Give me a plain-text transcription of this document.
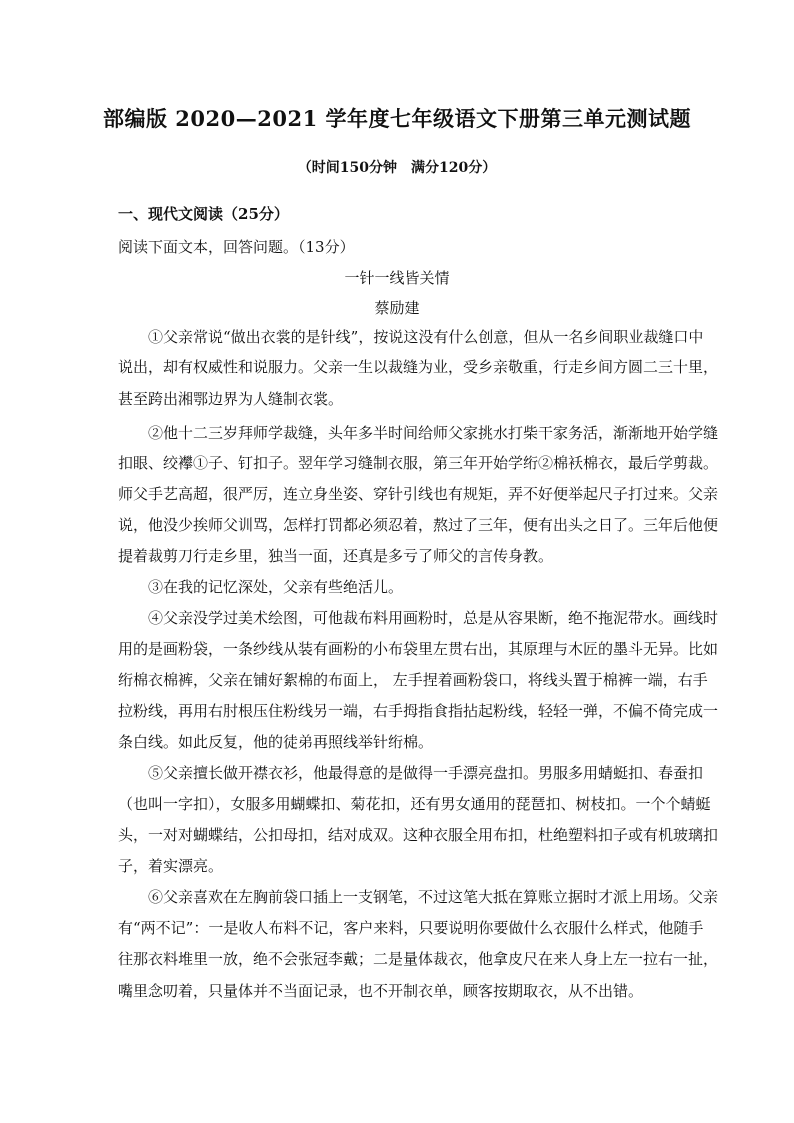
部编版 2020—2021 学年度七年级语文下册第三单元测试题
（时间150分钟　满分120分）
一、现代文阅读（25分）
阅读下面文本，回答问题。（13分）
一针一线皆关情
蔡励建
①父亲常说“做出衣裳的是针线”，按说这没有什么创意，但从一名乡间职业裁缝口中
说出，却有权威性和说服力。父亲一生以裁缝为业，受乡亲敬重，行走乡间方圆二三十里，
甚至跨出湘鄂边界为人缝制衣裳。
②他十二三岁拜师学裁缝，头年多半时间给师父家挑水打柴干家务活，渐渐地开始学缝
扣眼、绞襻①子、钉扣子。翌年学习缝制衣服，第三年开始学绗②棉袄棉衣，最后学剪裁。
师父手艺高超，很严厉，连立身坐姿、穿针引线也有规矩，弄不好便举起尺子打过来。父亲
说，他没少挨师父训骂，怎样打罚都必须忍着，熬过了三年，便有出头之日了。三年后他便
提着裁剪刀行走乡里，独当一面，还真是多亏了师父的言传身教。
③在我的记忆深处，父亲有些绝活儿。
④父亲没学过美术绘图，可他裁布料用画粉时，总是从容果断，绝不拖泥带水。画线时
用的是画粉袋，一条纱线从装有画粉的小布袋里左贯右出，其原理与木匠的墨斗无异。比如
绗棉衣棉裤，父亲在铺好絮棉的布面上， 左手捏着画粉袋口，将线头置于棉裤一端，右手
拉粉线，再用右肘根压住粉线另一端，右手拇指食指拈起粉线，轻轻一弹，不偏不倚完成一
条白线。如此反复，他的徒弟再照线举针绗棉。
⑤父亲擅长做开襟衣衫，他最得意的是做得一手漂亮盘扣。男服多用蜻蜓扣、春蚕扣
（也叫一字扣），女服多用蝴蝶扣、菊花扣，还有男女通用的琵琶扣、树枝扣。一个个蜻蜓
头，一对对蝴蝶结，公扣母扣，结对成双。这种衣服全用布扣，杜绝塑料扣子或有机玻璃扣
子，着实漂亮。
⑥父亲喜欢在左胸前袋口插上一支钢笔，不过这笔大抵在算账立据时才派上用场。父亲
有“两不记”：一是收人布料不记，客户来料，只要说明你要做什么衣服什么样式，他随手
往那衣料堆里一放，绝不会张冠李戴；二是量体裁衣，他拿皮尺在来人身上左一拉右一扯，
嘴里念叨着，只量体并不当面记录，也不开制衣单，顾客按期取衣，从不出错。
